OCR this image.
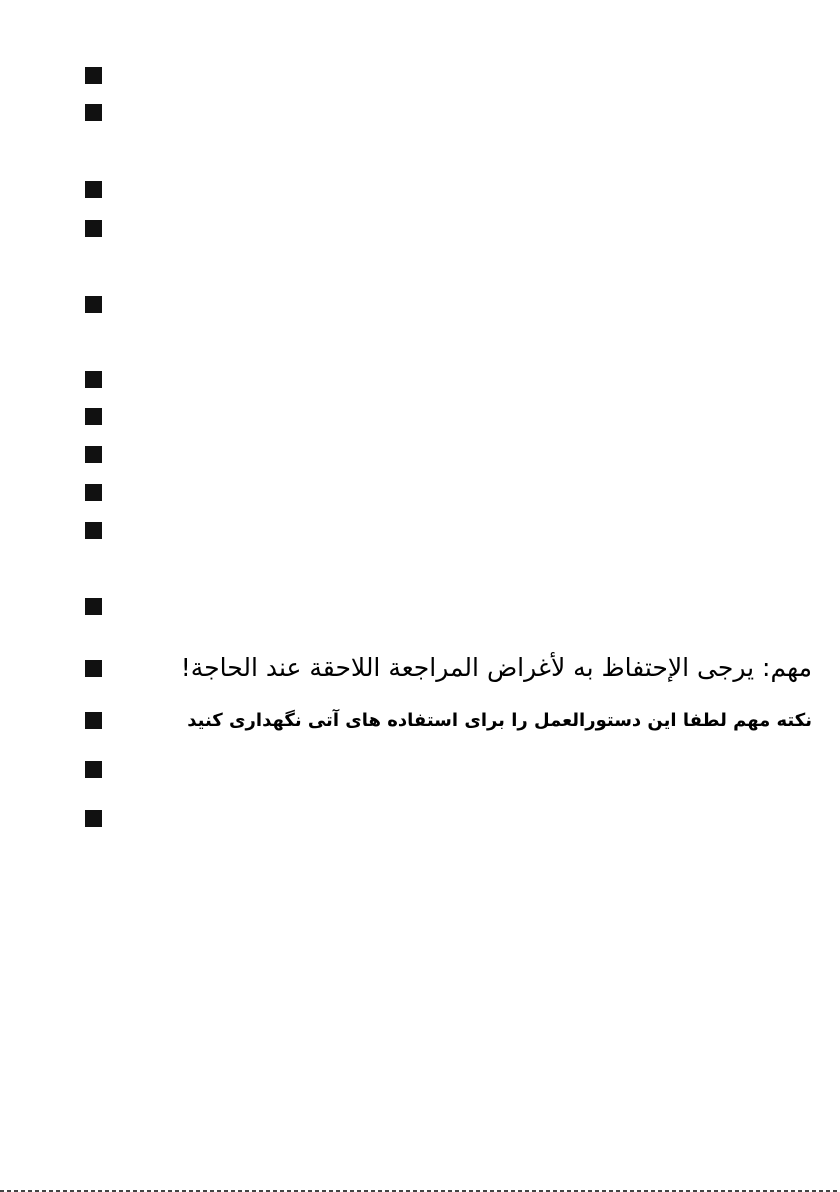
مهم: يرجى الإحتفاظ به لأغراض المراجعة اللاحقة عند الحاجة!
نکته مهم لطفا این دستورالعمل را برای استفاده های آتی نگهداری کنید
